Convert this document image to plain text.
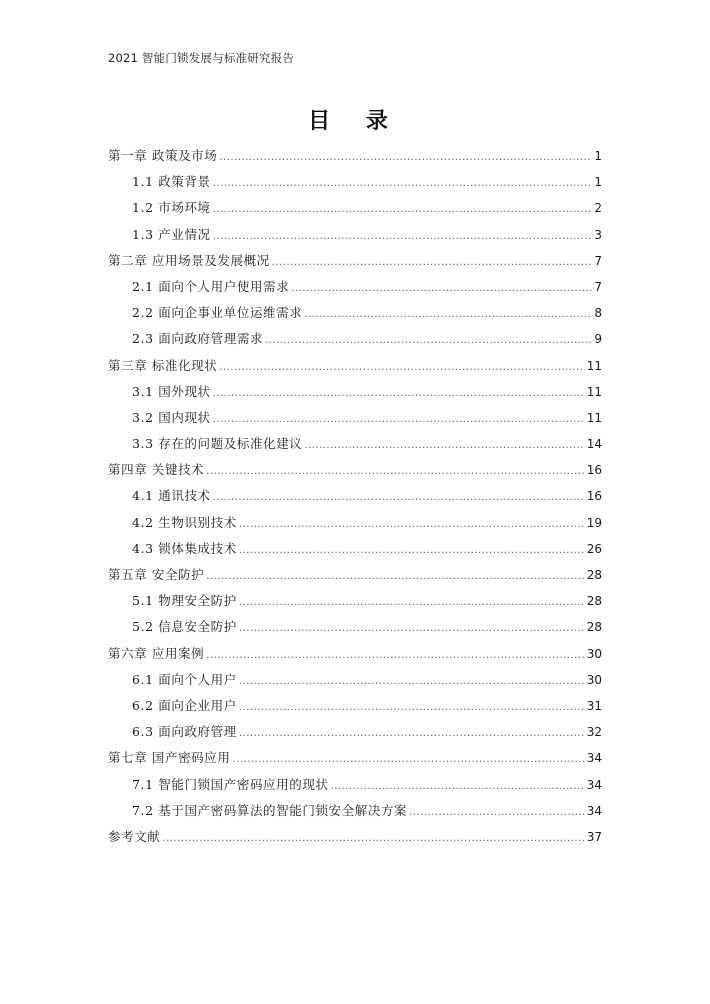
2021 智能门锁发展与标准研究报告
目 录
第一章 政策及市场 .....	1
1.1 政策背景 .....	1
1.2 市场环境 .....	2
1.3 产业情况 .....	3
第二章 应用场景及发展概况 .....	7
2.1 面向个人用户使用需求 .....	7
2.2 面向企事业单位运维需求 .....	8
2.3 面向政府管理需求 .....	9
第三章 标准化现状 .....	11
3.1 国外现状 .....	11
3.2 国内现状 .....	11
3.3 存在的问题及标准化建议 .....	14
第四章 关键技术 .....	16
4.1 通讯技术 .....	16
4.2 生物识别技术 .....	19
4.3 锁体集成技术 .....	26
第五章 安全防护 .....	28
5.1 物理安全防护 .....	28
5.2 信息安全防护 .....	28
第六章 应用案例 .....	30
6.1 面向个人用户 .....	30
6.2 面向企业用户 .....	31
6.3 面向政府管理 .....	32
第七章 国产密码应用 .....	34
7.1 智能门锁国产密码应用的现状 .....	34
7.2 基于国产密码算法的智能门锁安全解决方案 .....	34
参考文献 .....	37
